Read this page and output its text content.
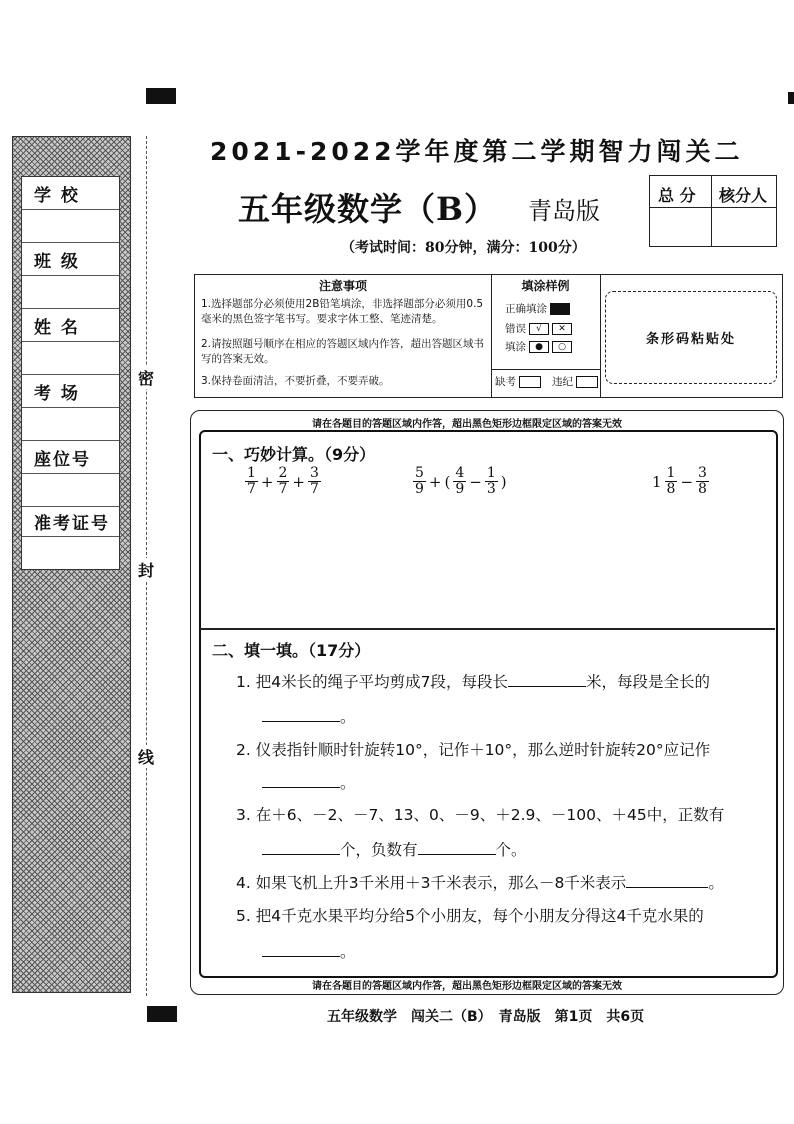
学 校
班 级
姓 名
考 场
座位号
准考证号
密
封
线
2021-2022学年度第二学期智力闯关二
五年级数学（B） 青岛版
（考试时间：80分钟，满分：100分）
总 分 核分人
注意事项
1.选择题部分必须使用2B铅笔填涂，非选择题部分必须用0.5毫米的黑色签字笔书写。要求字体工整、笔迹清楚。
2.请按照题号顺序在相应的答题区域内作答，超出答题区域书写的答案无效。
3.保持卷面清洁，不要折叠，不要弄破。
填涂样例
正确填涂
错误 √ ✕
填涂 ● ○
缺考	违纪
条形码粘贴处
请在各题目的答题区域内作答，超出黑色矩形边框限定区域的答案无效
一、巧妙计算。（9分）
$\frac{1}{7} + \frac{2}{7} + \frac{3}{7}$	$\frac{5}{9}$ + ( $\frac{4}{9} - \frac{1}{3}$ )	$1 \frac{1}{8} - \frac{3}{8}$
二、填一填。（17分）
1. 把4米长的绳子平均剪成7段，每段长	米，每段是全长的
。
2. 仪表指针顺时针旋转10°，记作＋10°，那么逆时针旋转20°应记作
。
3. 在＋6、－2、－7、13、0、－9、＋2.9、－100、＋45中，正数有
个，负数有	个。
4. 如果飞机上升3千米用＋3千米表示，那么－8千米表示	。
5. 把4千克水果平均分给5个小朋友，每个小朋友分得这4千克水果的
。
请在各题目的答题区域内作答，超出黑色矩形边框限定区域的答案无效
五年级数学　闯关二（B）　青岛版　第1页　共6页
